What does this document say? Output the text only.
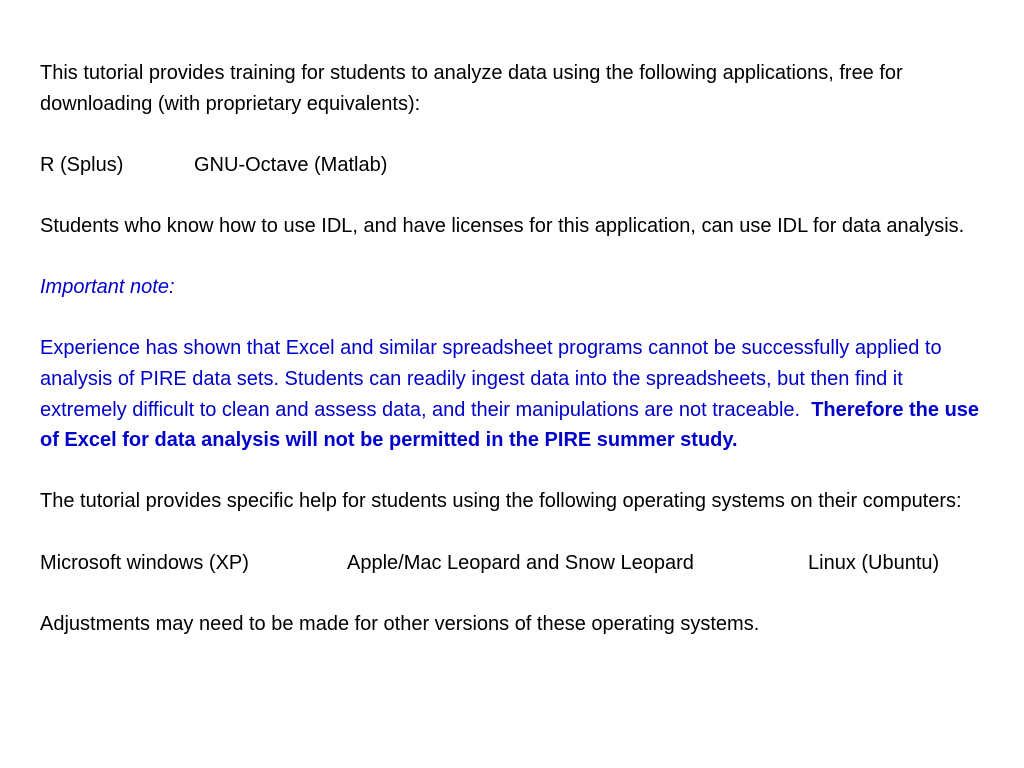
This tutorial provides training for students to analyze data using the following applications, free for downloading (with proprietary equivalents):

R (Splus)	GNU-Octave (Matlab)

Students who know how to use IDL, and have licenses for this application, can use IDL for data analysis.

Important note:

Experience has shown that Excel and similar spreadsheet programs cannot be successfully applied to analysis of PIRE data sets. Students can readily ingest data into the spreadsheets, but then find it extremely difficult to clean and assess data, and their manipulations are not traceable. Therefore the use of Excel for data analysis will not be permitted in the PIRE summer study.

The tutorial provides specific help for students using the following operating systems on their computers:

Microsoft windows (XP)	Apple/Mac Leopard and Snow Leopard	Linux (Ubuntu)

Adjustments may need to be made for other versions of these operating systems.
